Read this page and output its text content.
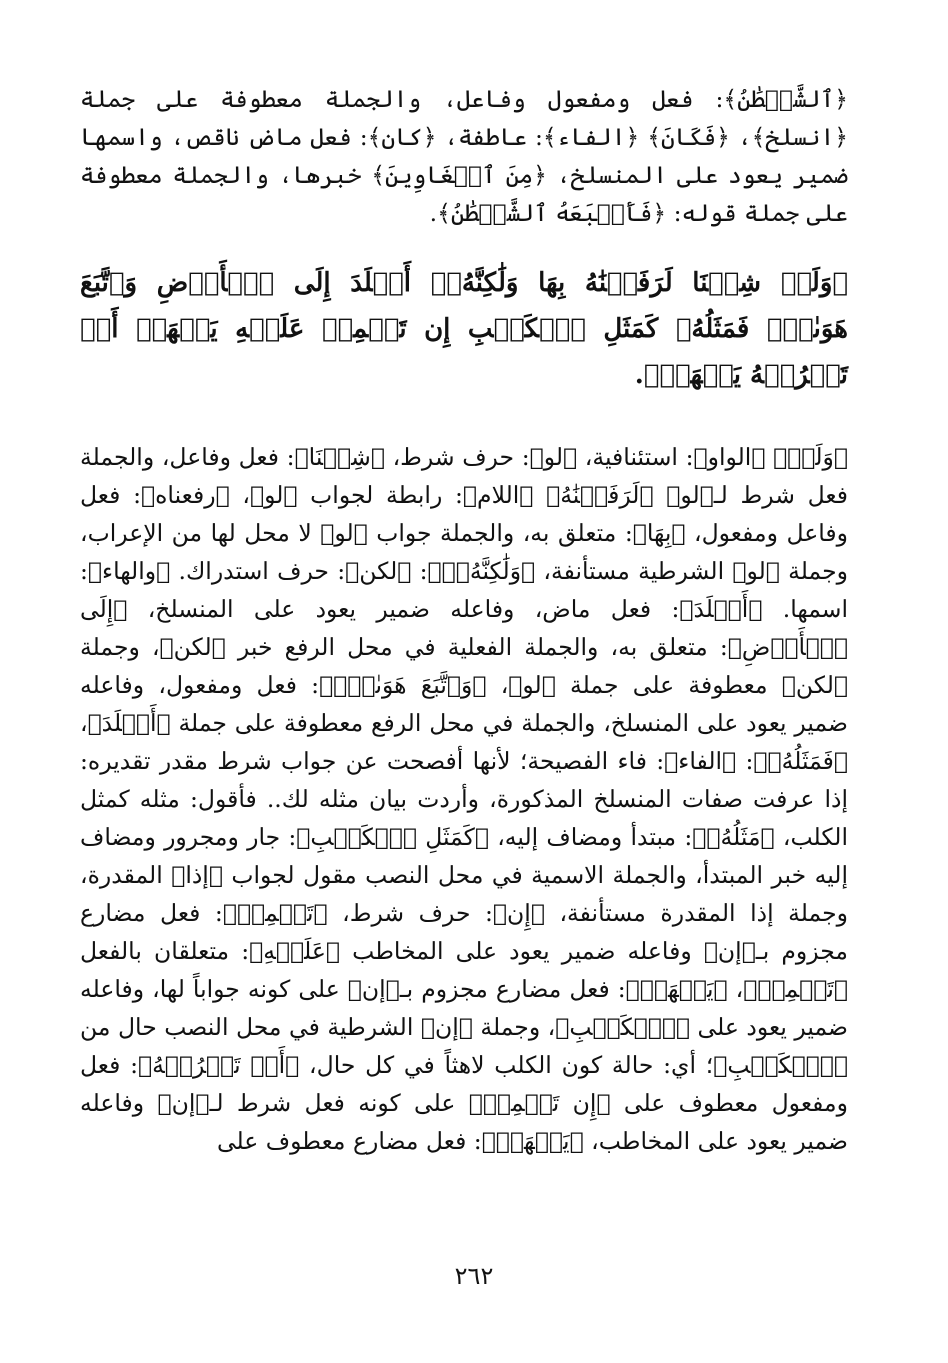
﴿ٱلشَّيۡطَٰنُ﴾: فعل ومفعول وفاعل، والجملة معطوفة على جملة ﴿انسلخ﴾، ﴿فَكَانَ﴾ ﴿الفاء﴾: عاطفة، ﴿كان﴾: فعل ماض ناقص، واسمها ضمير يعود على المنسلخ، ﴿مِنَ ٱلۡغَاوِينَ﴾ خبرها، والجملة معطوفة على جملة قوله: ﴿فَأَتۡبَعَهُ ٱلشَّيۡطَٰنُ﴾.

﴿وَلَوۡ شِئۡنَا لَرَفَعۡنَٰهُ بِهَا وَلَٰكِنَّهُۥٓ أَخۡلَدَ إِلَى ٱلۡأَرۡضِ وَٱتَّبَعَ هَوَىٰهُۚ فَمَثَلُهُۥ كَمَثَلِ ٱلۡكَلۡبِ إِن تَحۡمِلۡ عَلَيۡهِ يَلۡهَثۡ أَوۡ تَتۡرُكۡهُ يَلۡهَثۚ﴾.

﴿وَلَوۡ﴾ ﴿الواو﴾: استئنافية، ﴿لو﴾: حرف شرط، ﴿شِئۡنَا﴾: فعل وفاعل، والجملة فعل شرط لـ﴿لو﴾ ﴿لَرَفَعۡنَٰهُ﴾ ﴿اللام﴾: رابطة لجواب ﴿لو﴾، ﴿رفعناه﴾: فعل وفاعل ومفعول، ﴿بِهَا﴾: متعلق به، والجملة جواب ﴿لو﴾ لا محل لها من الإعراب، وجملة ﴿لو﴾ الشرطية مستأنفة، ﴿وَلَٰكِنَّهُۥٓ﴾: ﴿لكن﴾: حرف استدراك. ﴿والهاء﴾: اسمها. ﴿أَخۡلَدَ﴾: فعل ماض، وفاعله ضمير يعود على المنسلخ، ﴿إِلَى ٱلۡأَرۡضِ﴾: متعلق به، والجملة الفعلية في محل الرفع خبر ﴿لكن﴾، وجملة ﴿لكن﴾ معطوفة على جملة ﴿لو﴾، ﴿وَٱتَّبَعَ هَوَىٰهُۚ﴾: فعل ومفعول، وفاعله ضمير يعود على المنسلخ، والجملة في محل الرفع معطوفة على جملة ﴿أَخۡلَدَ﴾، ﴿فَمَثَلُهُۥ﴾: ﴿الفاء﴾: فاء الفصيحة؛ لأنها أفصحت عن جواب شرط مقدر تقديره: إذا عرفت صفات المنسلخ المذكورة، وأردت بيان مثله لك.. فأقول: مثله كمثل الكلب، ﴿مَثَلُهُۥ﴾: مبتدأ ومضاف إليه، ﴿كَمَثَلِ ٱلۡكَلۡبِ﴾: جار ومجرور ومضاف إليه خبر المبتدأ، والجملة الاسمية في محل النصب مقول لجواب ﴿إذا﴾ المقدرة، وجملة إذا المقدرة مستأنفة، ﴿إِن﴾: حرف شرط، ﴿تَحۡمِلۡ﴾: فعل مضارع مجزوم بـ﴿إن﴾ وفاعله ضمير يعود على المخاطب ﴿عَلَيۡهِ﴾: متعلقان بالفعل ﴿تَحۡمِلۡ﴾، ﴿يَلۡهَثۡ﴾: فعل مضارع مجزوم بـ﴿إن﴾ على كونه جواباً لها، وفاعله ضمير يعود على ﴿ٱلۡكَلۡبِ﴾، وجملة ﴿إن﴾ الشرطية في محل النصب حال من ﴿ٱلۡكَلۡبِ﴾؛ أي: حالة كون الكلب لاهثاً في كل حال، ﴿أَوۡ تَتۡرُكۡهُ﴾: فعل ومفعول معطوف على ﴿إِن تَحۡمِلۡ﴾ على كونه فعل شرط لـ﴿إن﴾ وفاعله ضمير يعود على المخاطب، ﴿يَلۡهَثۡ﴾: فعل مضارع معطوف على

٢٦٢
